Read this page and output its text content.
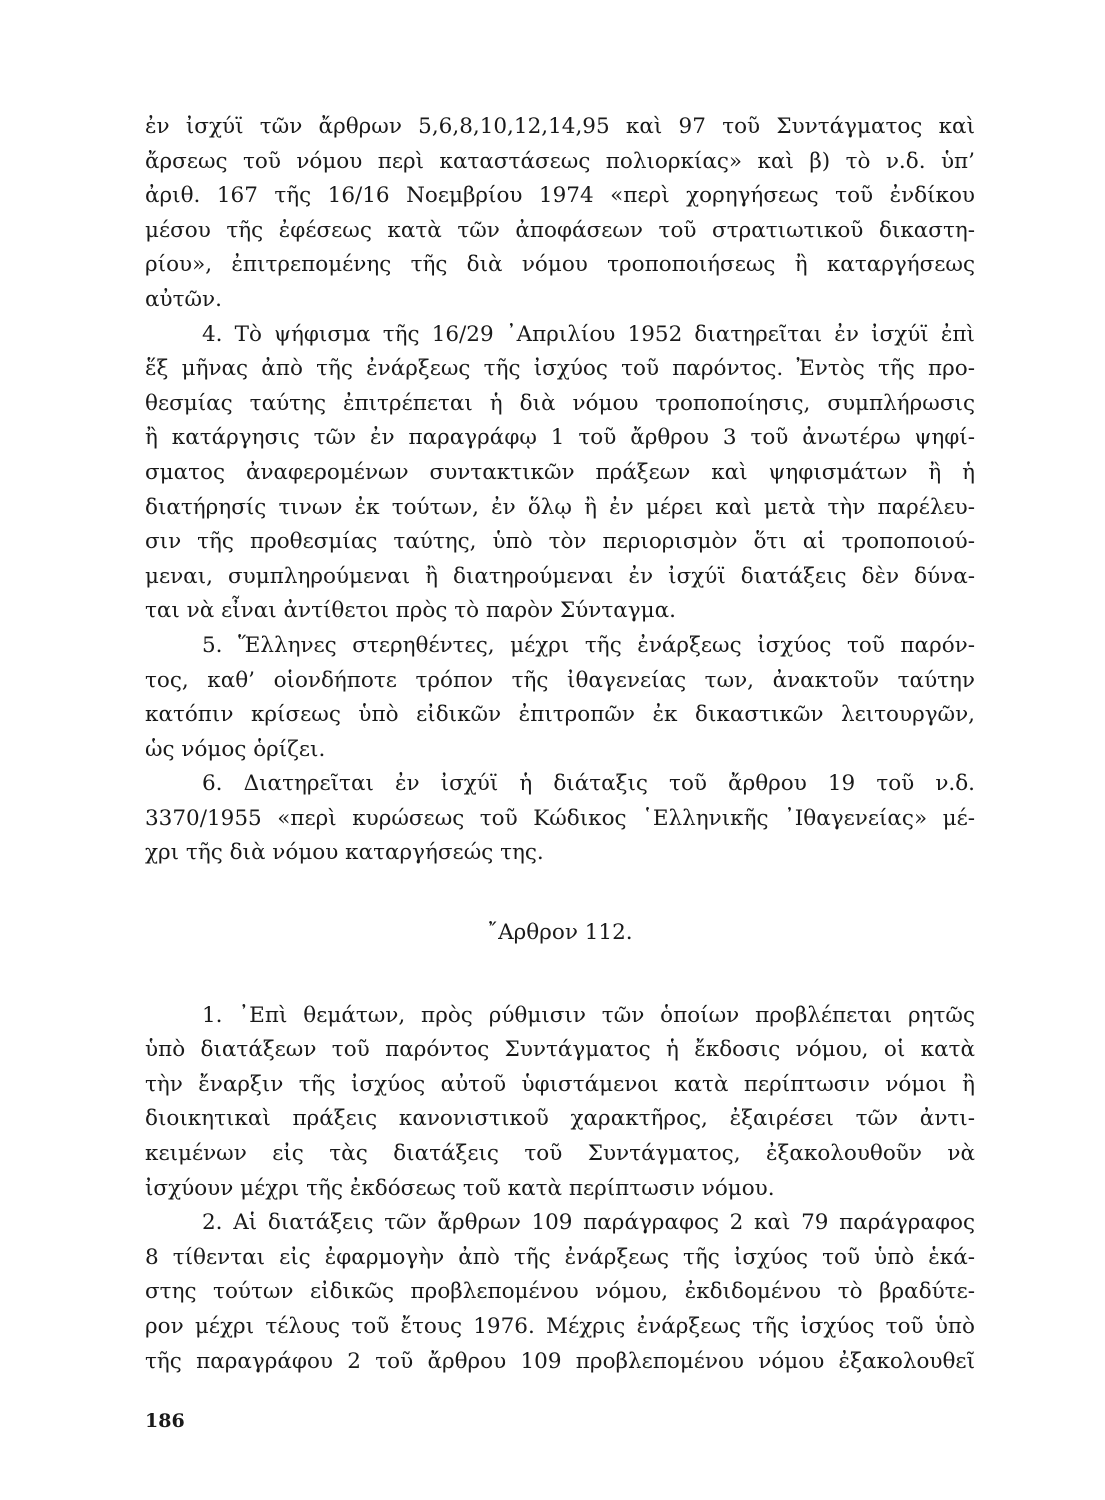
ἐν ἰσχύϊ τῶν ἄρθρων 5,6,8,10,12,14,95 καὶ 97 τοῦ Συντάγματος καὶ
ἄρσεως τοῦ νόμου περὶ καταστάσεως πολιορκίας» καὶ β) τὸ ν.δ. ὑπ’
ἀριθ. 167 τῆς 16/16 Νοεμβρίου 1974 «περὶ χορηγήσεως τοῦ ἐνδίκου
μέσου τῆς ἐφέσεως κατὰ τῶν ἀποφάσεων τοῦ στρατιωτικοῦ δικαστη-
ρίου», ἐπιτρεπομένης τῆς διὰ νόμου τροποποιήσεως ἢ καταργήσεως
αὐτῶν.

4. Τὸ ψήφισμα τῆς 16/29 ᾿Απριλίου 1952 διατηρεῖται ἐν ἰσχύϊ ἐπὶ
ἕξ μῆνας ἀπὸ τῆς ἐνάρξεως τῆς ἰσχύος τοῦ παρόντος. Ἐντὸς τῆς προ-
θεσμίας ταύτης ἐπιτρέπεται ἡ διὰ νόμου τροποποίησις, συμπλήρωσις
ἢ κατάργησις τῶν ἐν παραγράφῳ 1 τοῦ ἄρθρου 3 τοῦ ἀνωτέρω ψηφί-
σματος ἀναφερομένων συντακτικῶν πράξεων καὶ ψηφισμάτων ἢ ἡ
διατήρησίς τινων ἐκ τούτων, ἐν ὅλῳ ἢ ἐν μέρει καὶ μετὰ τὴν παρέλευ-
σιν τῆς προθεσμίας ταύτης, ὑπὸ τὸν περιορισμὸν ὅτι αἱ τροποποιού-
μεναι, συμπληρούμεναι ἢ διατηρούμεναι ἐν ἰσχύϊ διατάξεις δὲν δύνα-
ται νὰ εἶναι ἀντίθετοι πρὸς τὸ παρὸν Σύνταγμα.

5. Ἕλληνες στερηθέντες, μέχρι τῆς ἐνάρξεως ἰσχύος τοῦ παρόν-
τος, καθ’ οἱονδήποτε τρόπον τῆς ἰθαγενείας των, ἀνακτοῦν ταύτην
κατόπιν κρίσεως ὑπὸ εἰδικῶν ἐπιτροπῶν ἐκ δικαστικῶν λειτουργῶν,
ὡς νόμος ὁρίζει.

6. Διατηρεῖται ἐν ἰσχύϊ ἡ διάταξις τοῦ ἄρθρου 19 τοῦ ν.δ.
3370/1955 «περὶ κυρώσεως τοῦ Κώδικος ῾Ελληνικῆς ᾿Ιθαγενείας» μέ-
χρι τῆς διὰ νόμου καταργήσεώς της.

῎Αρθρον 112.

1. ᾿Επὶ θεμάτων, πρὸς ρύθμισιν τῶν ὁποίων προβλέπεται ρητῶς
ὑπὸ διατάξεων τοῦ παρόντος Συντάγματος ἡ ἔκδοσις νόμου, οἱ κατὰ
τὴν ἔναρξιν τῆς ἰσχύος αὐτοῦ ὑφιστάμενοι κατὰ περίπτωσιν νόμοι ἢ
διοικητικαὶ πράξεις κανονιστικοῦ χαρακτῆρος, ἐξαιρέσει τῶν ἀντι-
κειμένων εἰς τὰς διατάξεις τοῦ Συντάγματος, ἐξακολουθοῦν νὰ
ἰσχύουν μέχρι τῆς ἐκδόσεως τοῦ κατὰ περίπτωσιν νόμου.

2. Αἱ διατάξεις τῶν ἄρθρων 109 παράγραφος 2 καὶ 79 παράγραφος
8 τίθενται εἰς ἐφαρμογὴν ἀπὸ τῆς ἐνάρξεως τῆς ἰσχύος τοῦ ὑπὸ ἑκά-
στης τούτων εἰδικῶς προβλεπομένου νόμου, ἐκδιδομένου τὸ βραδύτε-
ρον μέχρι τέλους τοῦ ἔτους 1976. Μέχρις ἐνάρξεως τῆς ἰσχύος τοῦ ὑπὸ
τῆς παραγράφου 2 τοῦ ἄρθρου 109 προβλεπομένου νόμου ἐξακολουθεῖ

186
